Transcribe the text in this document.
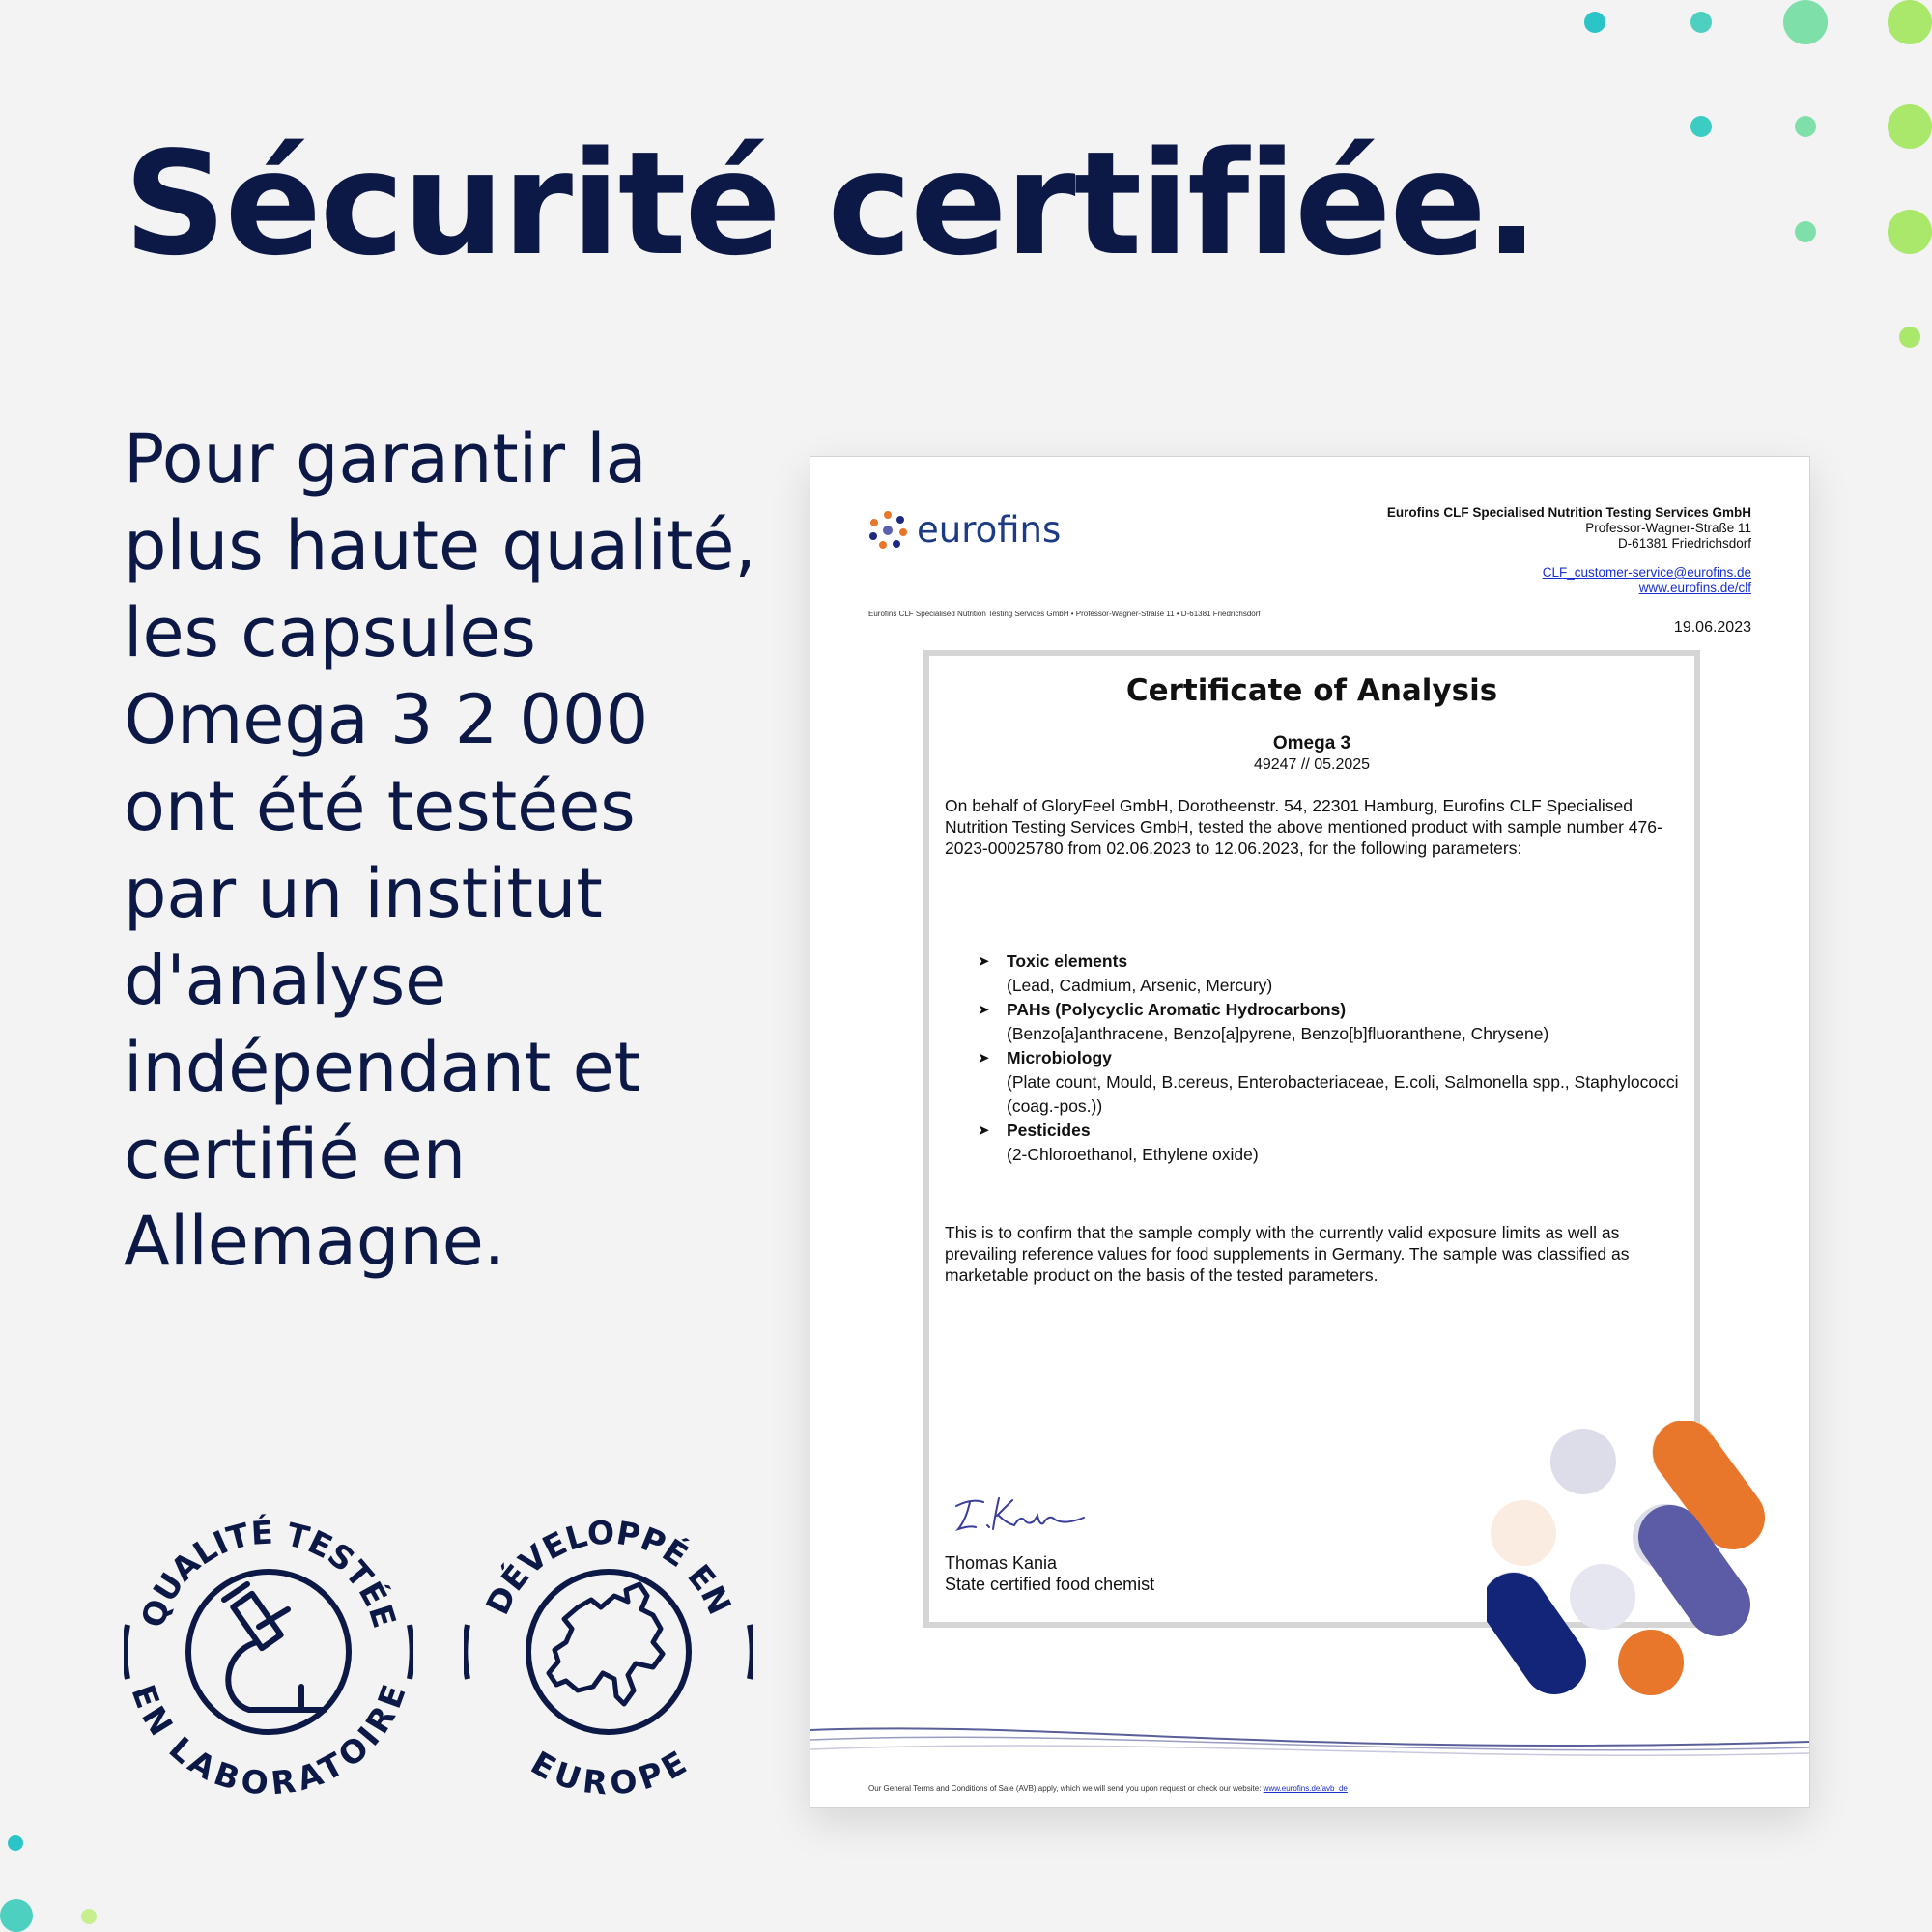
Sécurité certifiée.
Pour garantir la
plus haute qualité,
les capsules
Omega 3 2 000
ont été testées
par un institut
d'analyse
indépendant et
certifié en
Allemagne.
QUALITÉ TESTÉE
EN LABORATOIRE
DÉVELOPPÉ EN
EUROPE
eurofins	Eurofins CLF Specialised Nutrition Testing Services GmbH
Professor-Wagner-Straße 11
D-61381 Friedrichsdorf
CLF_customer-service@eurofins.de
www.eurofins.de/clf
Eurofins CLF Specialised Nutrition Testing Services GmbH • Professor-Wagner-Straße 11 • D-61381 Friedrichsdorf
19.06.2023
Certificate of Analysis
Omega 3
49247 // 05.2025
On behalf of GloryFeel GmbH, Dorotheenstr. 54, 22301 Hamburg, Eurofins CLF Specialised Nutrition Testing Services GmbH, tested the above mentioned product with sample number 476-2023-00025780 from 02.06.2023 to 12.06.2023, for the following parameters:
➤ Toxic elements
(Lead, Cadmium, Arsenic, Mercury)
➤ PAHs (Polycyclic Aromatic Hydrocarbons)
(Benzo[a]anthracene, Benzo[a]pyrene, Benzo[b]fluoranthene, Chrysene)
➤ Microbiology
(Plate count, Mould, B.cereus, Enterobacteriaceae, E.coli, Salmonella spp., Staphylococci (coag.-pos.))
➤ Pesticides
(2-Chloroethanol, Ethylene oxide)
This is to confirm that the sample comply with the currently valid exposure limits as well as prevailing reference values for food supplements in Germany. The sample was classified as marketable product on the basis of the tested parameters.
Thomas Kania
State certified food chemist
Our General Terms and Conditions of Sale (AVB) apply, which we will send you upon request or check our website: www.eurofins.de/avb_de
